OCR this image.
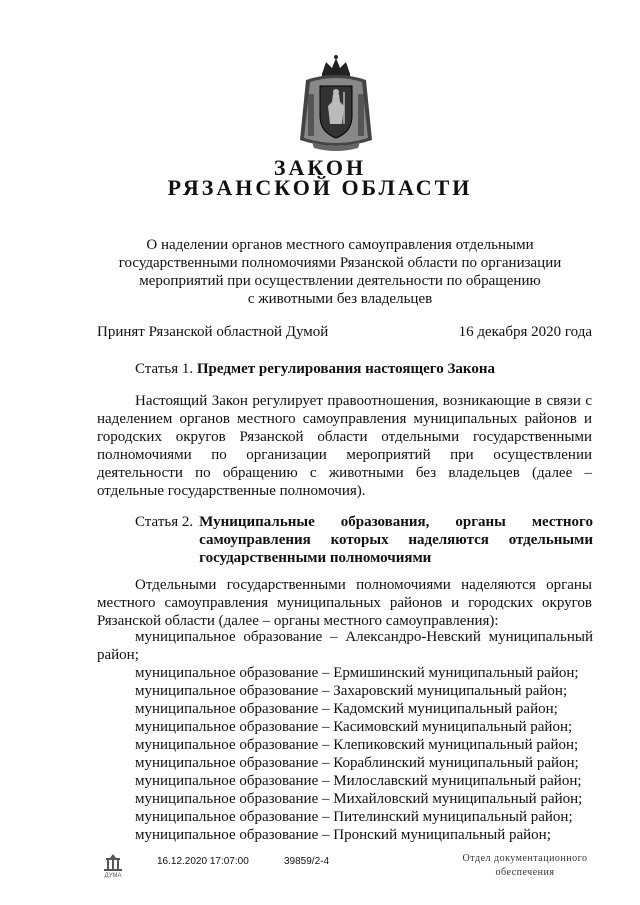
ЗАКОН
РЯЗАНСКОЙ ОБЛАСТИ
О наделении органов местного самоуправления отдельными
государственными полномочиями Рязанской области по организации
мероприятий при осуществлении деятельности по обращению
с животными без владельцев
Принят Рязанской областной Думой	16 декабря 2020 года
Статья 1. Предмет регулирования настоящего Закона
Настоящий Закон регулирует правоотношения, возникающие в связи с наделением органов местного самоуправления муниципальных районов и городских округов Рязанской области отдельными государственными полномочиями по организации мероприятий при осуществлении деятельности по обращению с животными без владельцев (далее – отдельные государственные полномочия).
Статья 2. Муниципальные образования, органы местного самоуправления которых наделяются отдельными государственными полномочиями
Отдельными государственными полномочиями наделяются органы местного самоуправления муниципальных районов и городских округов Рязанской области (далее – органы местного самоуправления):
муниципальное образование – Александро-Невский муниципальный
район;
муниципальное образование – Ермишинский муниципальный район;
муниципальное образование – Захаровский муниципальный район;
муниципальное образование – Кадомский муниципальный район;
муниципальное образование – Касимовский муниципальный район;
муниципальное образование – Клепиковский муниципальный район;
муниципальное образование – Кораблинский муниципальный район;
муниципальное образование – Милославский муниципальный район;
муниципальное образование – Михайловский муниципальный район;
муниципальное образование – Пителинский муниципальный район;
муниципальное образование – Пронский муниципальный район;
ДУМА
16.12.2020 17:07:00	39859/2-4	Отдел документационного
обеспечения
